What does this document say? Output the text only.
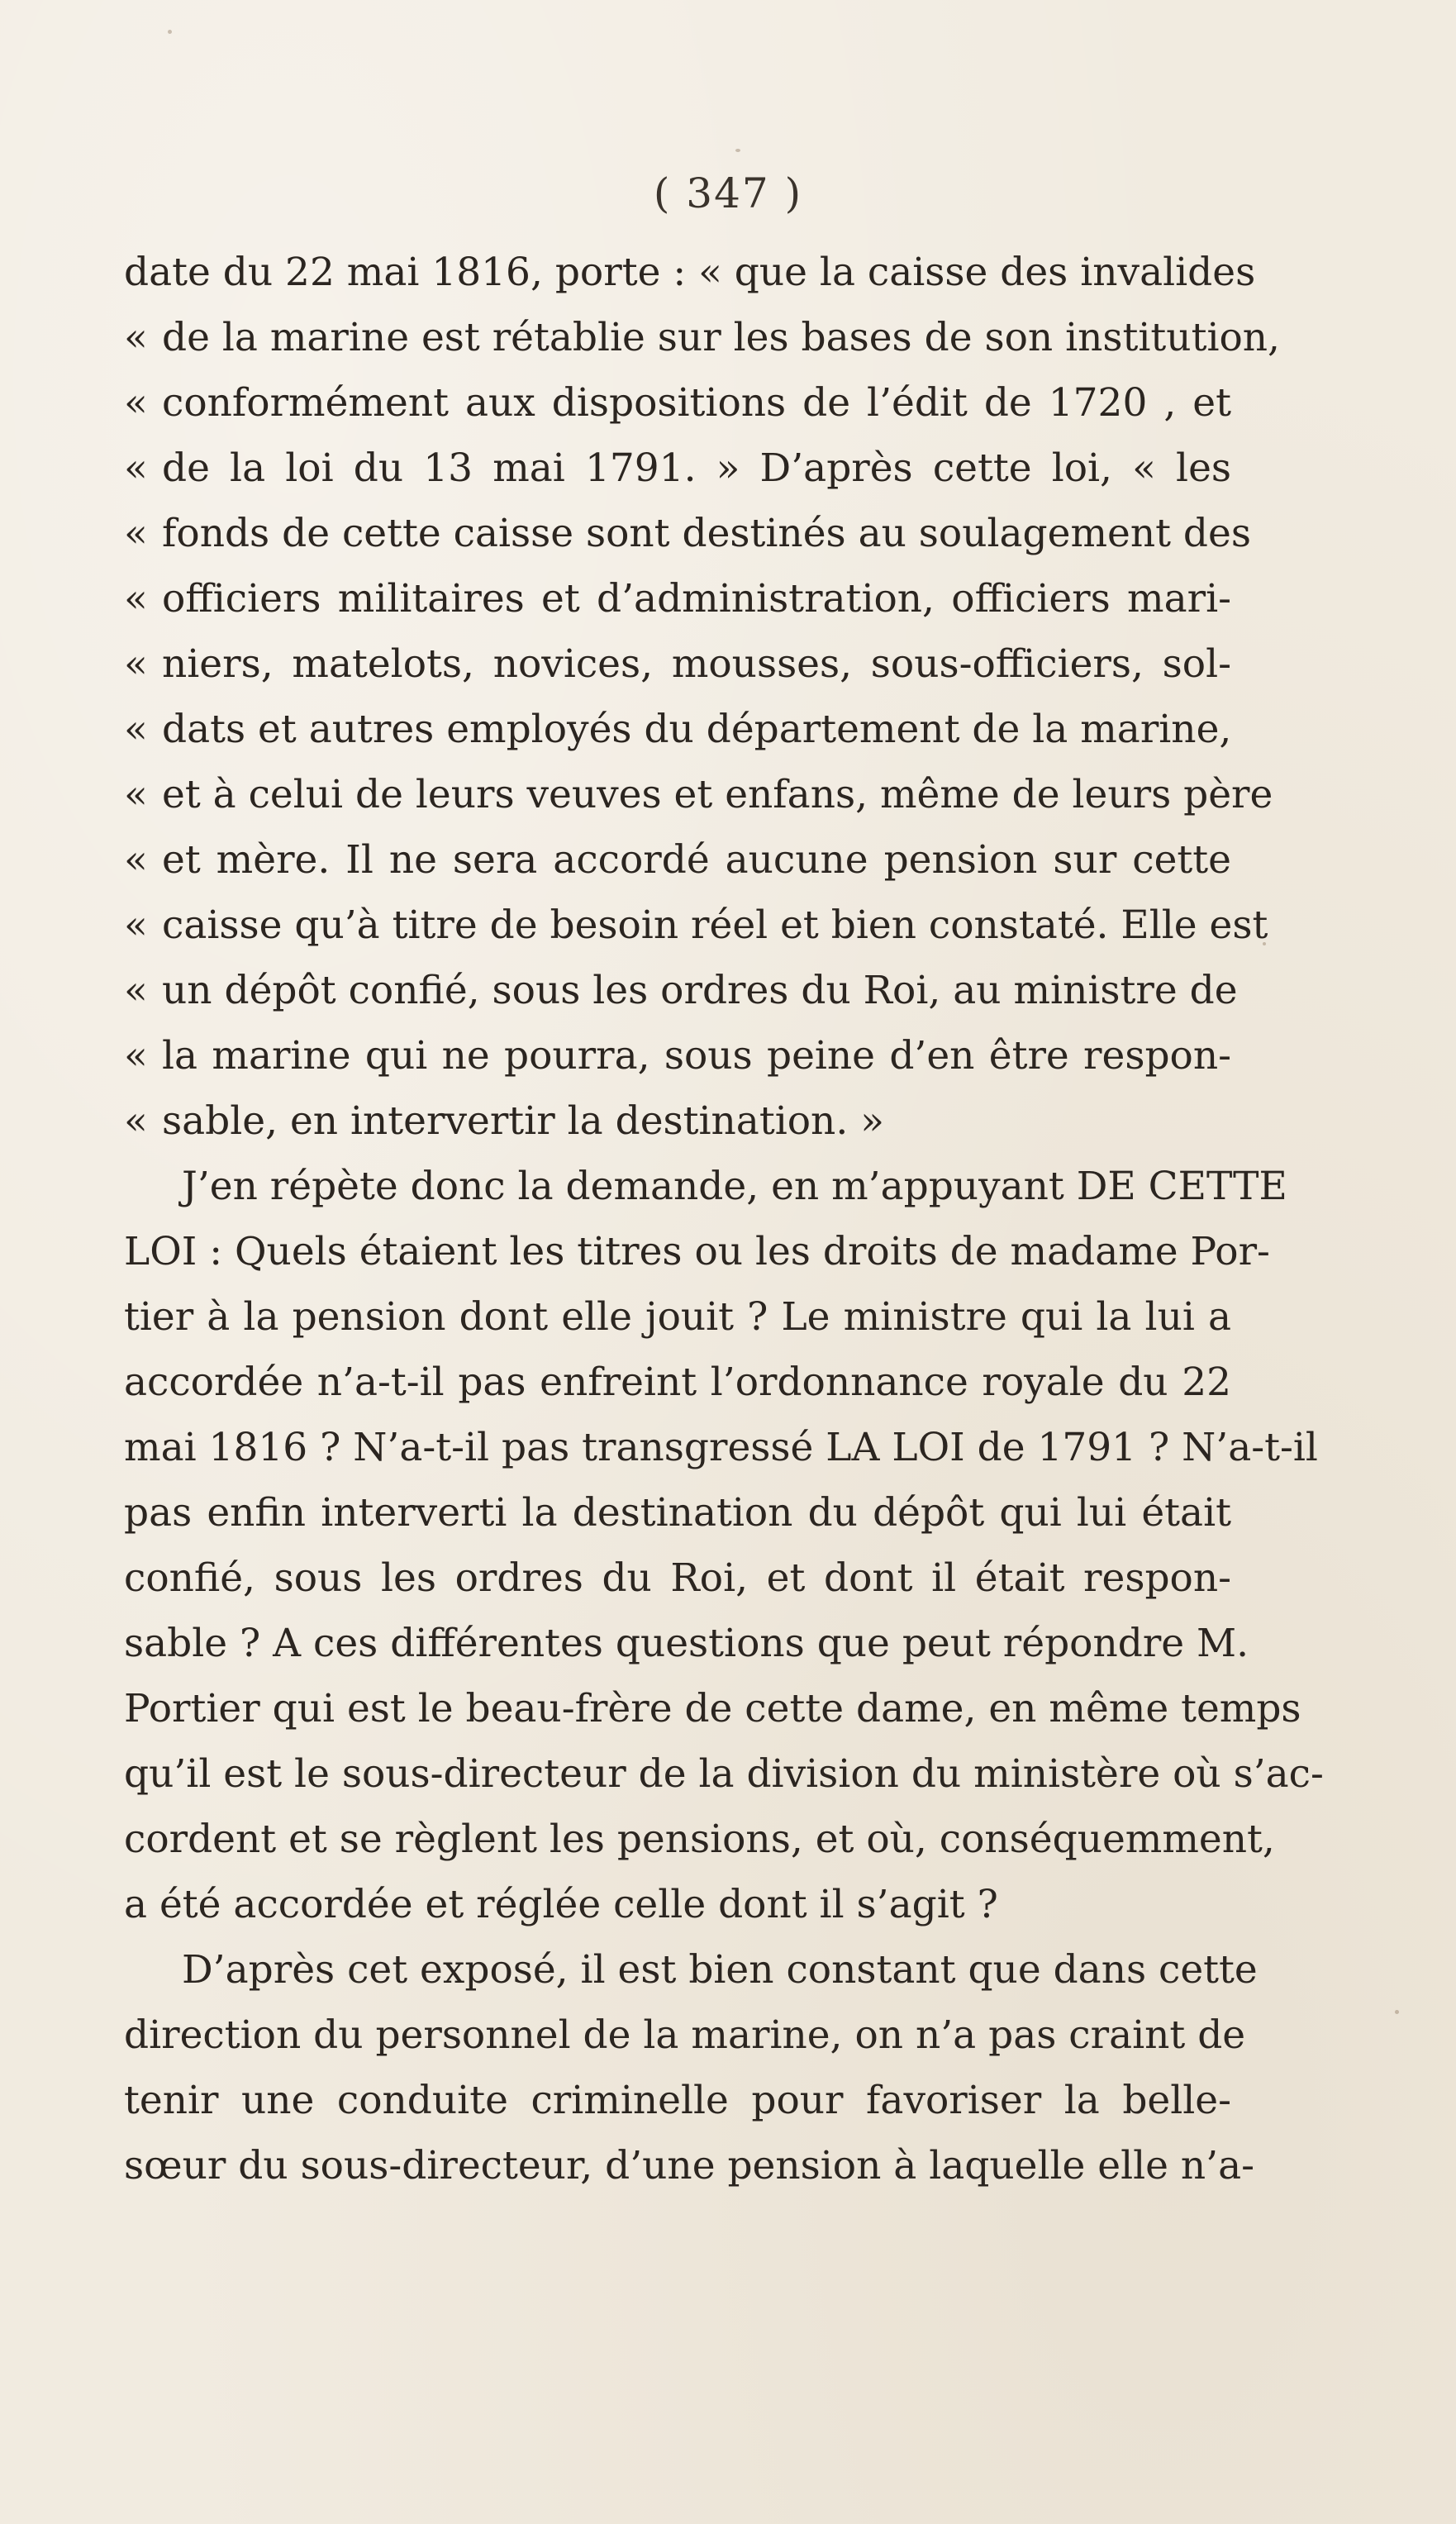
( 347 )
date du 22 mai 1816, porte : « que la caisse des invalides
« de la marine est rétablie sur les bases de son institution,
« conformément aux dispositions de l’édit de 1720 , et
« de la loi du 13 mai 1791. » D’après cette loi, « les
« fonds de cette caisse sont destinés au soulagement des
« officiers militaires et d’administration, officiers mari-
« niers, matelots, novices, mousses, sous-officiers, sol-
« dats et autres employés du département de la marine,
« et à celui de leurs veuves et enfans, même de leurs père
« et mère. Il ne sera accordé aucune pension sur cette
« caisse qu’à titre de besoin réel et bien constaté. Elle est
« un dépôt confié, sous les ordres du Roi, au ministre de
« la marine qui ne pourra, sous peine d’en être respon-
« sable, en intervertir la destination. »
J’en répète donc la demande, en m’appuyant DE CETTE
LOI : Quels étaient les titres ou les droits de madame Por-
tier à la pension dont elle jouit ? Le ministre qui la lui a
accordée n’a-t-il pas enfreint l’ordonnance royale du 22
mai 1816 ? N’a-t-il pas transgressé LA LOI de 1791 ? N’a-t-il
pas enfin interverti la destination du dépôt qui lui était
confié, sous les ordres du Roi, et dont il était respon-
sable ? A ces différentes questions que peut répondre M.
Portier qui est le beau-frère de cette dame, en même temps
qu’il est le sous-directeur de la division du ministère où s’ac-
cordent et se règlent les pensions, et où, conséquemment,
a été accordée et réglée celle dont il s’agit ?
D’après cet exposé, il est bien constant que dans cette
direction du personnel de la marine, on n’a pas craint de
tenir une conduite criminelle pour favoriser la belle-
sœur du sous-directeur, d’une pension à laquelle elle n’a-
